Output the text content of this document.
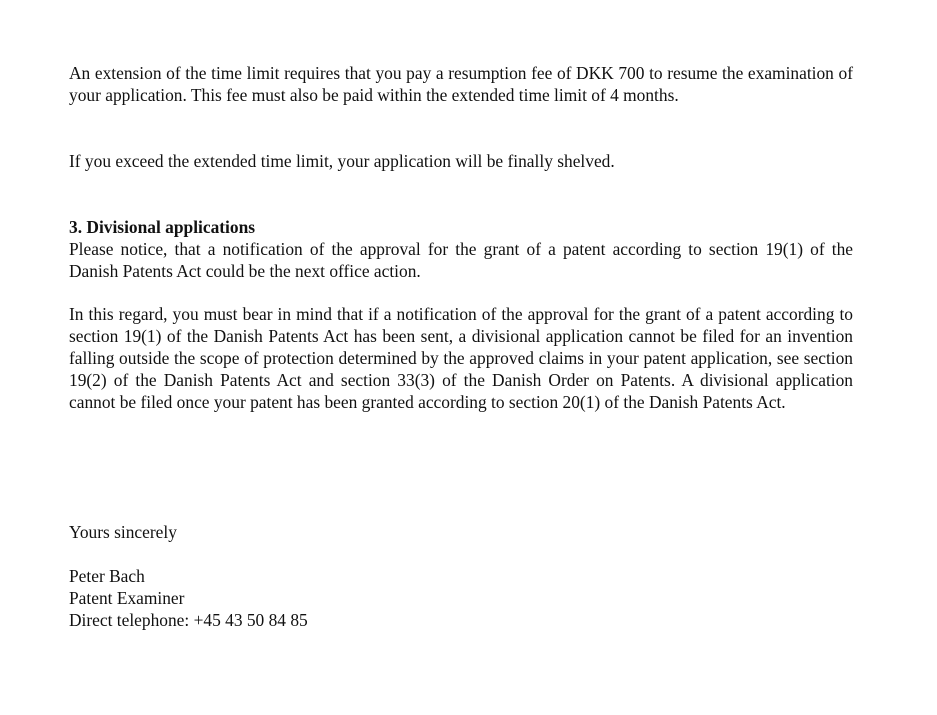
An extension of the time limit requires that you pay a resumption fee of DKK 700 to resume the examination of your application. This fee must also be paid within the extended time limit of 4 months.

If you exceed the extended time limit, your application will be finally shelved.

3. Divisional applications
Please notice, that a notification of the approval for the grant of a patent according to section 19(1) of the Danish Patents Act could be the next office action.

In this regard, you must bear in mind that if a notification of the approval for the grant of a patent according to section 19(1) of the Danish Patents Act has been sent, a divisional application cannot be filed for an invention falling outside the scope of protection determined by the approved claims in your patent application, see section 19(2) of the Danish Patents Act and section 33(3) of the Danish Order on Patents. A divisional application cannot be filed once your patent has been granted according to section 20(1) of the Danish Patents Act.

Yours sincerely

Peter Bach
Patent Examiner
Direct telephone: +45 43 50 84 85
